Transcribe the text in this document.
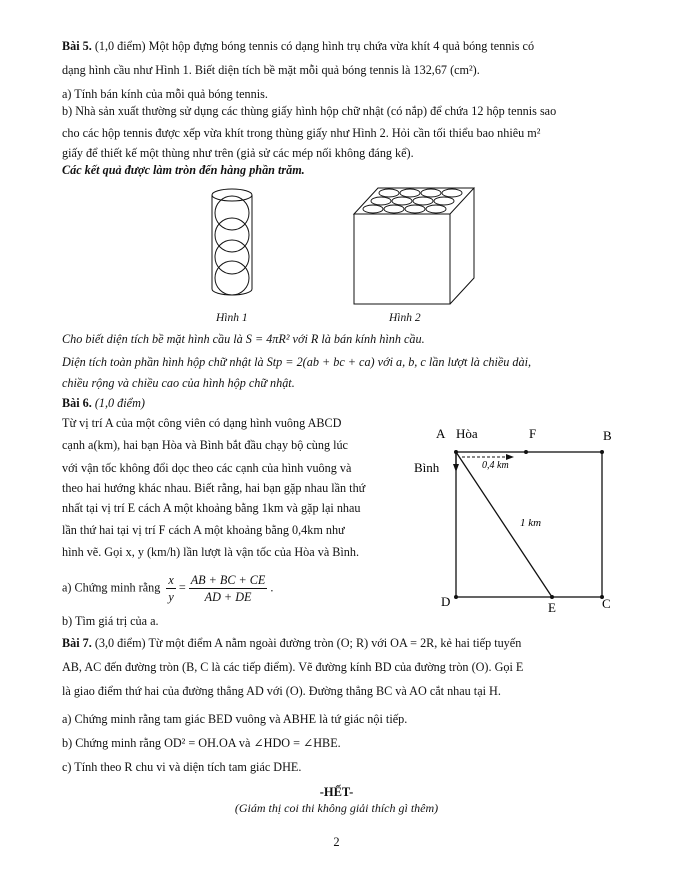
Bài 5. (1,0 điểm) Một hộp đựng bóng tennis có dạng hình trụ chứa vừa khít 4 quả bóng tennis có
dạng hình cầu như Hình 1. Biết diện tích bề mặt mỗi quả bóng tennis là 132,67 (cm²).
a) Tính bán kính của mỗi quả bóng tennis.
b) Nhà sản xuất thường sử dụng các thùng giấy hình hộp chữ nhật (có nắp) để chứa 12 hộp tennis sao
cho các hộp tennis được xếp vừa khít trong thùng giấy như Hình 2. Hỏi cần tối thiểu bao nhiêu m²
giấy để thiết kế một thùng như trên (giả sử các mép nối không đáng kể).
Các kết quả được làm tròn đến hàng phần trăm.
Hình 1	Hình 2
Cho biết diện tích bề mặt hình cầu là S = 4πR² với R là bán kính hình cầu.
Diện tích toàn phần hình hộp chữ nhật là Stp = 2(ab + bc + ca) với a, b, c lần lượt là chiều dài,
chiều rộng và chiều cao của hình hộp chữ nhật.
Bài 6. (1,0 điểm)
Từ vị trí A của một công viên có dạng hình vuông ABCD
cạnh a(km), hai bạn Hòa và Bình bắt đầu chạy bộ cùng lúc
với vận tốc không đổi dọc theo các cạnh của hình vuông và
theo hai hướng khác nhau. Biết rằng, hai bạn gặp nhau lần thứ
nhất tại vị trí E cách A một khoảng bằng 1km và gặp lại nhau
lần thứ hai tại vị trí F cách A một khoảng bằng 0,4km như
hình vẽ. Gọi x, y (km/h) lần lượt là vận tốc của Hòa và Bình.
a) Chứng minh rằng $\frac{x}{y} = \frac{AB + BC + CE}{AD + DE}$ .
b) Tìm giá trị của a.
A Hòa	F	B
Bình	0,4 km
1 km
D	E	C
Bài 7. (3,0 điểm) Từ một điểm A nằm ngoài đường tròn (O; R) với OA = 2R, kẻ hai tiếp tuyến
AB, AC đến đường tròn (B, C là các tiếp điểm). Vẽ đường kính BD của đường tròn (O). Gọi E
là giao điểm thứ hai của đường thẳng AD với (O). Đường thẳng BC và AO cắt nhau tại H.
a) Chứng minh rằng tam giác BED vuông và ABHE là tứ giác nội tiếp.
b) Chứng minh rằng OD² = OH.OA và ∠HDO = ∠HBE.
c) Tính theo R chu vi và diện tích tam giác DHE.
-HẾT-
(Giám thị coi thi không giải thích gì thêm)
2
